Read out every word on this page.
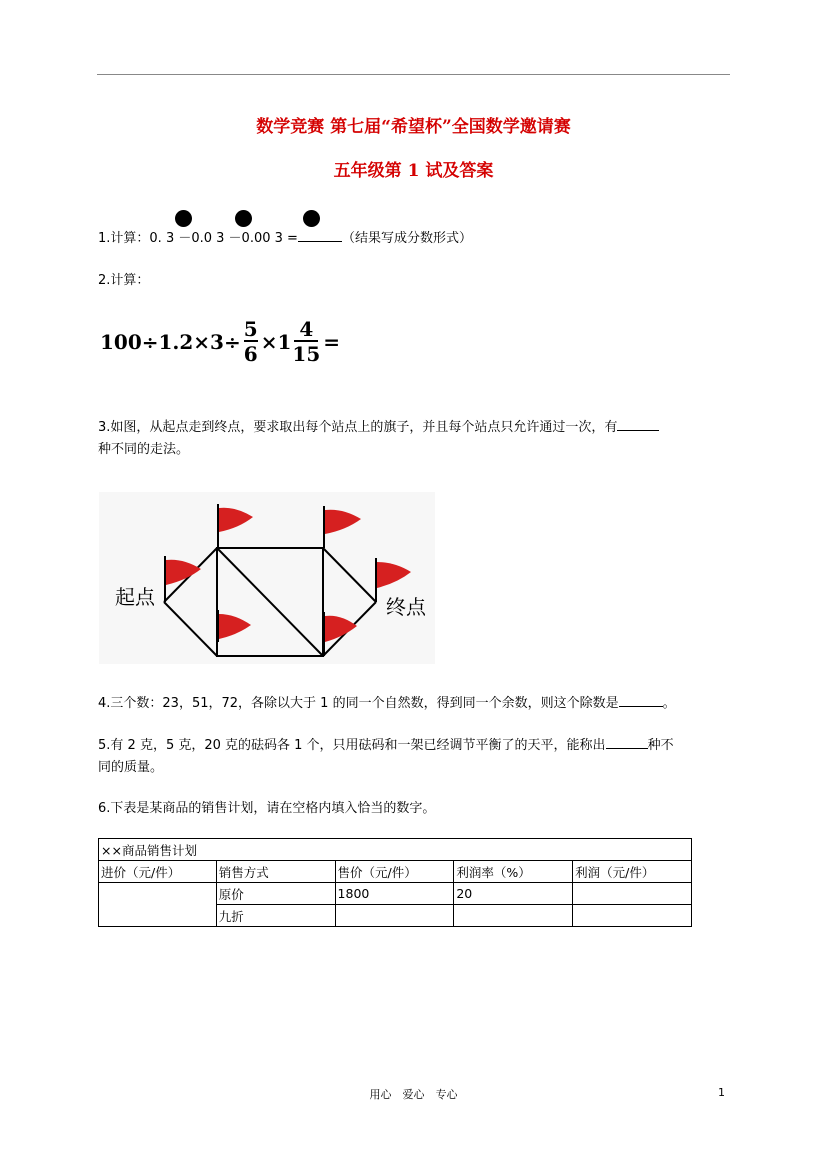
数学竞赛 第七届“希望杯”全国数学邀请赛
五年级第 1 试及答案
1.计算：0. 3 －0.0 3 －0.00 3 =	（结果写成分数形式）
2.计算：
100÷1.2×3÷
5
6 ×1
4
15 =
3.如图，从起点走到终点，要求取出每个站点上的旗子，并且每个站点只允许通过一次，有
种不同的走法。
起点	终点
4.三个数：23，51，72，各除以大于 1 的同一个自然数，得到同一个余数，则这个除数是	。
5.有 2 克，5 克，20 克的砝码各 1 个，只用砝码和一架已经调节平衡了的天平，能称出	种不
同的质量。
6.下表是某商品的销售计划，请在空格内填入恰当的数字。
××商品销售计划				
进价（元/件）	销售方式	售价（元/件）	利润率（%）	利润（元/件）
	原价	1800	20	
	九折			
用心　爱心　专心	1
